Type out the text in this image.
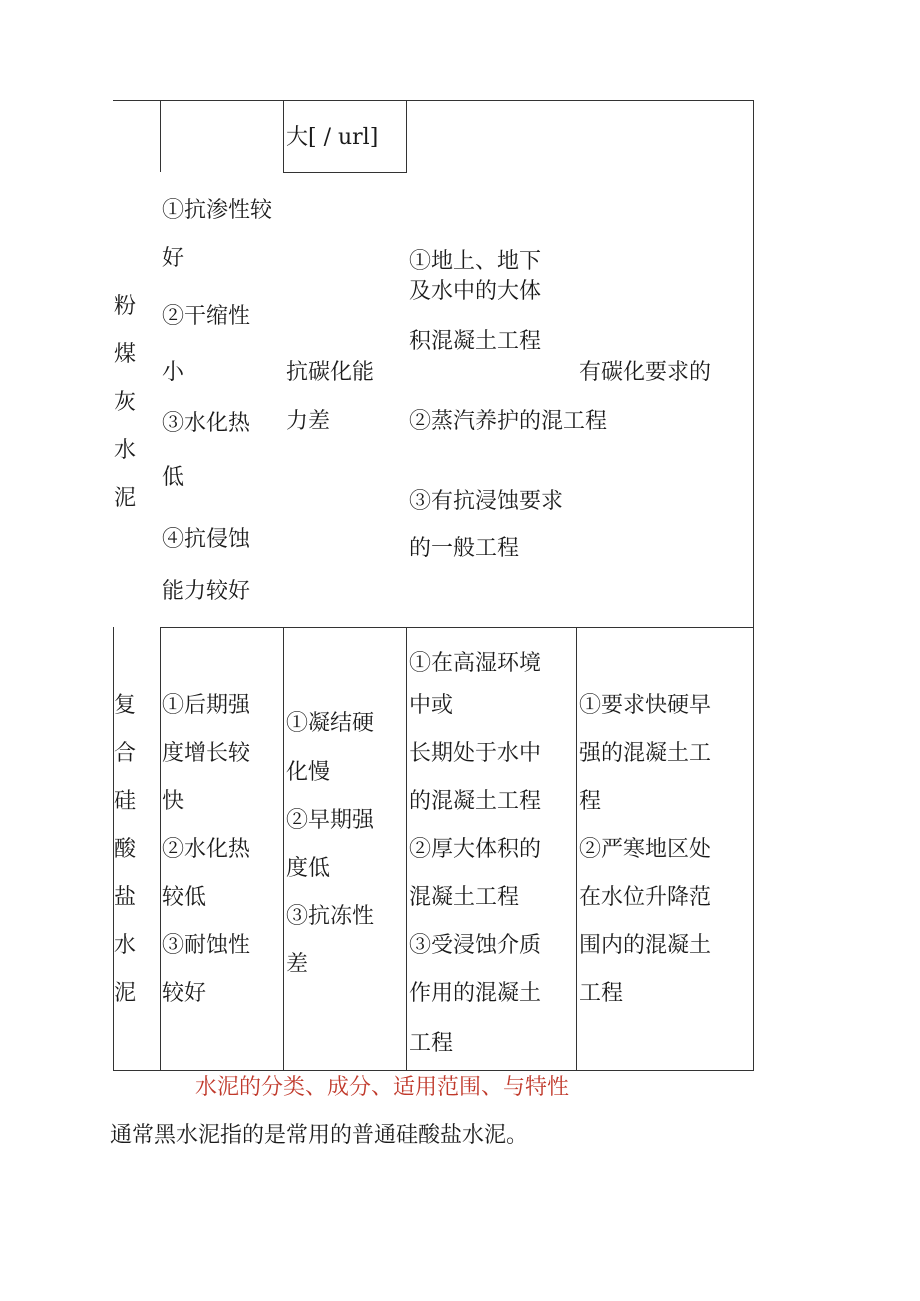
大[ / url]
粉
煤
灰
水
泥
①抗渗性较
好
②干缩性
小
③水化热
低
④抗侵蚀
能力较好
抗碳化能
力差
①地上、地下
及水中的大体
积混凝土工程
②蒸汽养护的混工程
③有抗浸蚀要求
的一般工程
有碳化要求的
复
合
硅
酸
盐
水
泥
①后期强
度增长较
快
②水化热
较低
③耐蚀性
较好
①凝结硬
化慢
②早期强
度低
③抗冻性
差
①在高湿环境
中或
长期处于水中
的混凝土工程
②厚大体积的
混凝土工程
③受浸蚀介质
作用的混凝土
工程
①要求快硬早
强的混凝土工
程
②严寒地区处
在水位升降范
围内的混凝土
工程
水泥的分类、成分、适用范围、与特性
通常黑水泥指的是常用的普通硅酸盐水泥。
